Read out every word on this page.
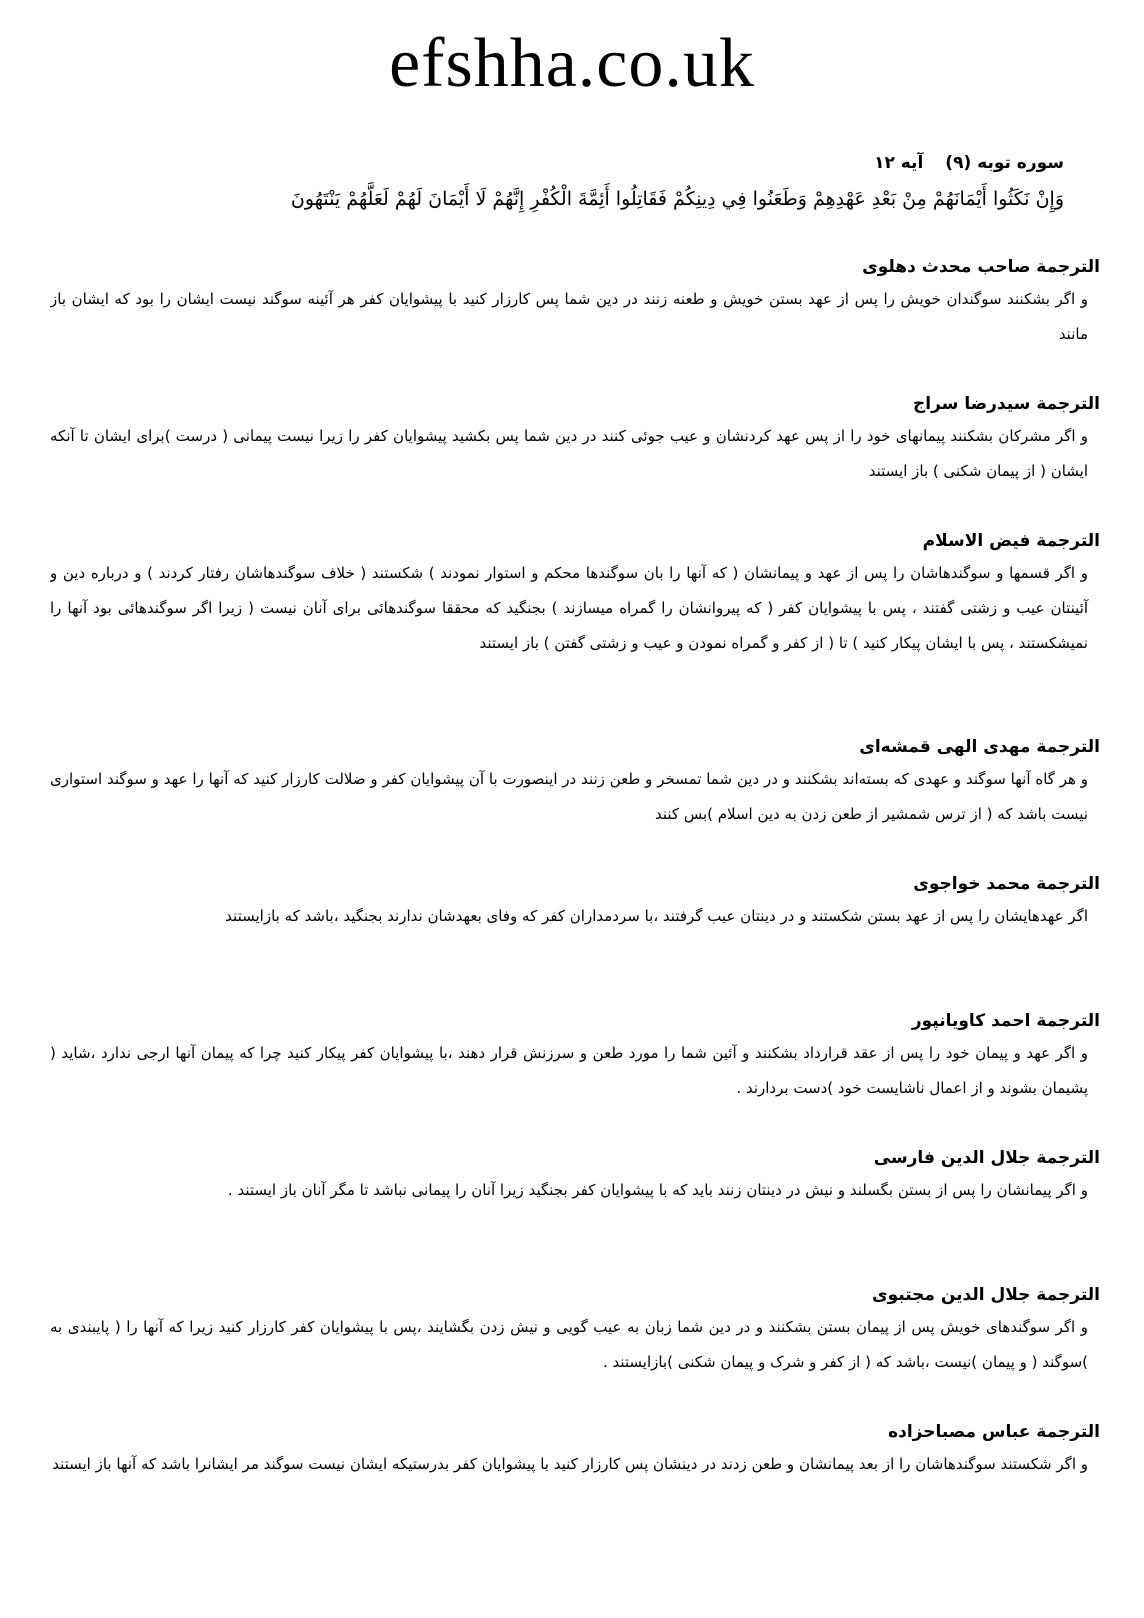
efshha.co.uk
سوره توبه (۹)آیه ۱۲
وَإِنْ نَكَثُوا أَيْمَانَهُمْ مِنْ بَعْدِ عَهْدِهِمْ وَطَعَنُوا فِي دِينِكُمْ فَقَاتِلُوا أَئِمَّةَ الْكُفْرِ إِنَّهُمْ لَا أَيْمَانَ لَهُمْ لَعَلَّهُمْ يَنْتَهُونَ

الترجمة صاحب محدث دهلوی

و اگر بشکنند سوگندان خویش را پس از عهد بستن خویش و طعنه زنند در دین شما پس کارزار کنید با پیشوایان کفر هر آئینه سوگند نیست ایشان را بود که ایشان باز مانند

الترجمة سیدرضا سراج

و اگر مشرکان بشکنند پیمانهای خود را از پس عهد کردنشان و عیب جوئی کنند در دین شما پس بکشید پیشوایان کفر را زیرا نیست پیمانی ( درست )برای ایشان تا آنکه ایشان ( از پیمان شکنی ) باز ایستند

الترجمة فیض الاسلام

و اگر قسمها و سوگندهاشان را پس از عهد و پیمانشان ( که آنها را بان سوگندها محکم و استوار نمودند ) شکستند ( خلاف سوگندهاشان رفتار کردند ) و درباره دین و آئینتان عیب و زشتی گفتند ، پس با پیشوایان کفر ( که پیروانشان را گمراه میسازند ) بجنگید که محققا سوگندهائی برای آنان نیست ( زیرا اگر سوگندهائی بود آنها را نمیشکستند ، پس با ایشان پیکار کنید ) تا ( از کفر و گمراه نمودن و عیب و زشتی گفتن ) باز ایستند

الترجمة مهدی الهی قمشه‌ای

و هر گاه آنها سوگند و عهدی که بسته‌اند بشکنند و در دین شما تمسخر و طعن زنند در اینصورت با آن پیشوایان کفر و ضلالت کارزار کنید که آنها را عهد و سوگند استواری نیست باشد که ( از ترس شمشیر از طعن زدن به دین اسلام )بس کنند

الترجمة محمد خواجوی

اگر عهدهایشان را پس از عهد بستن شکستند و در دینتان عیب گرفتند ،با سردمداران کفر که وفای بعهدشان ندارند بجنگید ،باشد که بازایستند

الترجمة احمد کاویانپور

و اگر عهد و پیمان خود را پس از عقد قرارداد بشکنند و آئین شما را مورد طعن و سرزنش قرار دهند ،با پیشوایان کفر پیکار کنید چرا که پیمان آنها ارجی ندارد ،شاید ( پشیمان بشوند و از اعمال ناشایست خود )دست بردارند .

الترجمة جلال الدین فارسی

و اگر پیمانشان را پس از بستن بگسلند و نیش در دینتان زنند باید که با پیشوایان کفر بجنگید زیرا آنان را پیمانی نباشد تا مگر آنان باز ایستند .

الترجمة جلال الدین مجتبوی

و اگر سوگندهای خویش پس از پیمان بستن بشکنند و در دین شما زبان به عیب گویی و نیش زدن بگشایند ،پس با پیشوایان کفر کارزار کنید زیرا که آنها را ( پایبندی به )سوگند ( و پیمان )نیست ،باشد که ( از کفر و شرک و پیمان شکنی )بازایستند .

الترجمة عباس مصباحزاده

و اگر شکستند سوگندهاشان را از بعد پیمانشان و طعن زدند در دینشان پس کارزار کنید با پیشوایان کفر بدرستیکه ایشان نیست سوگند مر ایشانرا باشد که آنها باز ایستند
